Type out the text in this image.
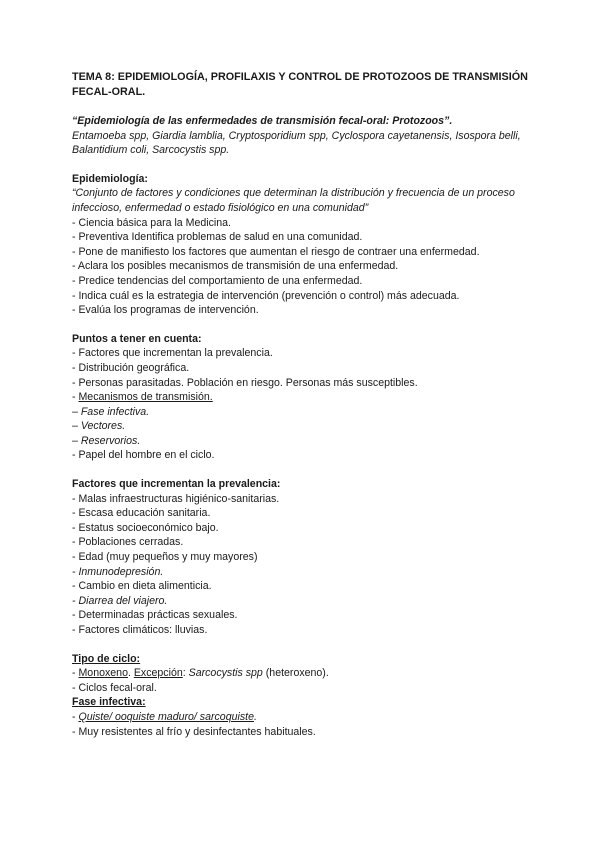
TEMA 8: EPIDEMIOLOGÍA, PROFILAXIS Y CONTROL DE PROTOZOOS DE TRANSMISIÓN FECAL-ORAL.

“Epidemiología de las enfermedades de transmisión fecal-oral: Protozoos”.

Entamoeba spp, Giardia lamblia, Cryptosporidium spp, Cyclospora cayetanensis, Isospora belli, Balantidium coli, Sarcocystis spp.

Epidemiología:

“Conjunto de factores y condiciones que determinan la distribución y frecuencia de un proceso infeccioso, enfermedad o estado fisiológico en una comunidad”

- Ciencia básica para la Medicina.
- Preventiva Identifica problemas de salud en una comunidad.
- Pone de manifiesto los factores que aumentan el riesgo de contraer una enfermedad.
- Aclara los posibles mecanismos de transmisión de una enfermedad.
- Predice tendencias del comportamiento de una enfermedad.
- Indica cuál es la estrategia de intervención (prevención o control) más adecuada.
- Evalúa los programas de intervención.

Puntos a tener en cuenta:

- Factores que incrementan la prevalencia.
- Distribución geográfica.
- Personas parasitadas. Población en riesgo. Personas más susceptibles.
- Mecanismos de transmisión.
– Fase infectiva.
– Vectores.
– Reservorios.
- Papel del hombre en el ciclo.

Factores que incrementan la prevalencia:

- Malas infraestructuras higiénico-sanitarias.
- Escasa educación sanitaria.
- Estatus socioeconómico bajo.
- Poblaciones cerradas.
- Edad (muy pequeños y muy mayores)
- Inmunodepresión.
- Cambio en dieta alimenticia.
- Diarrea del viajero.
- Determinadas prácticas sexuales.
- Factores climáticos: lluvias.

Tipo de ciclo:

- Monoxeno. Excepción: Sarcocystis spp (heteroxeno).

- Ciclos fecal-oral.

Fase infectiva:

- Quiste/ ooquiste maduro/ sarcoquiste.

- Muy resistentes al frío y desinfectantes habituales.
